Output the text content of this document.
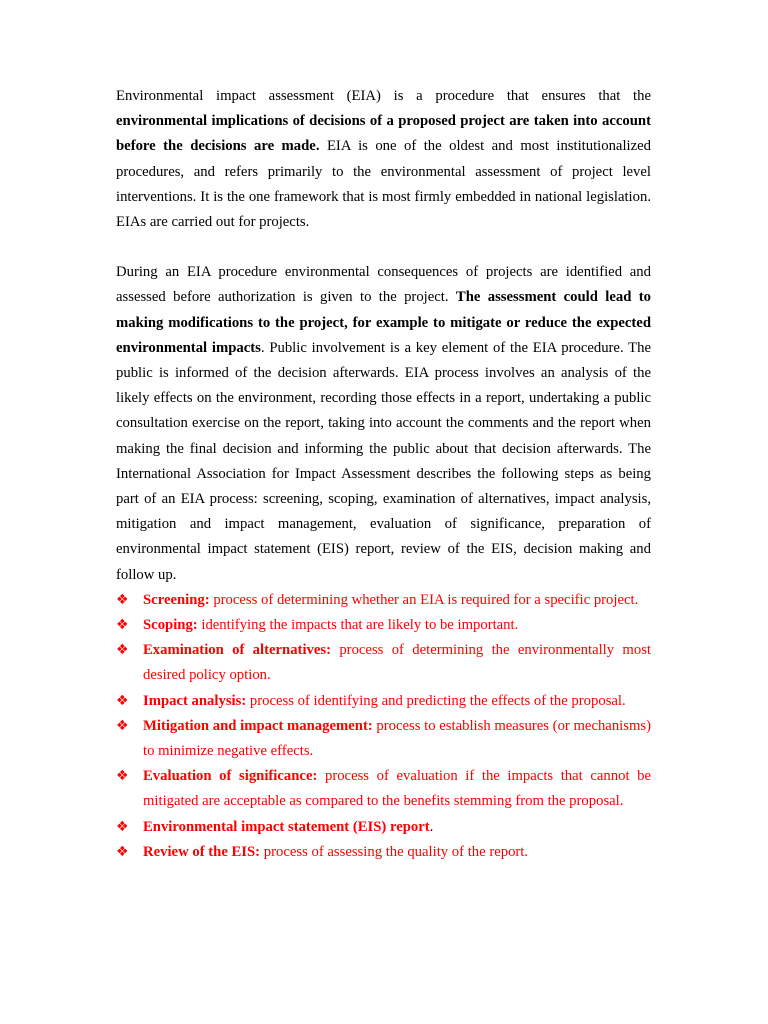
Environmental impact assessment (EIA) is a procedure that ensures that the environmental implications of decisions of a proposed project are taken into account before the decisions are made. EIA is one of the oldest and most institutionalized procedures, and refers primarily to the environmental assessment of project level interventions. It is the one framework that is most firmly embedded in national legislation. EIAs are carried out for projects.

During an EIA procedure environmental consequences of projects are identified and assessed before authorization is given to the project. The assessment could lead to making modifications to the project, for example to mitigate or reduce the expected environmental impacts. Public involvement is a key element of the EIA procedure. The public is informed of the decision afterwards. EIA process involves an analysis of the likely effects on the environment, recording those effects in a report, undertaking a public consultation exercise on the report, taking into account the comments and the report when making the final decision and informing the public about that decision afterwards. The International Association for Impact Assessment describes the following steps as being part of an EIA process: screening, scoping, examination of alternatives, impact analysis, mitigation and impact management, evaluation of significance, preparation of environmental impact statement (EIS) report, review of the EIS, decision making and follow up.

❖ Screening: process of determining whether an EIA is required for a specific project.
❖ Scoping: identifying the impacts that are likely to be important.
❖ Examination of alternatives: process of determining the environmentally most desired policy option.
❖ Impact analysis: process of identifying and predicting the effects of the proposal.
❖ Mitigation and impact management: process to establish measures (or mechanisms) to minimize negative effects.
❖ Evaluation of significance: process of evaluation if the impacts that cannot be mitigated are acceptable as compared to the benefits stemming from the proposal.
❖ Environmental impact statement (EIS) report.
❖ Review of the EIS: process of assessing the quality of the report.
